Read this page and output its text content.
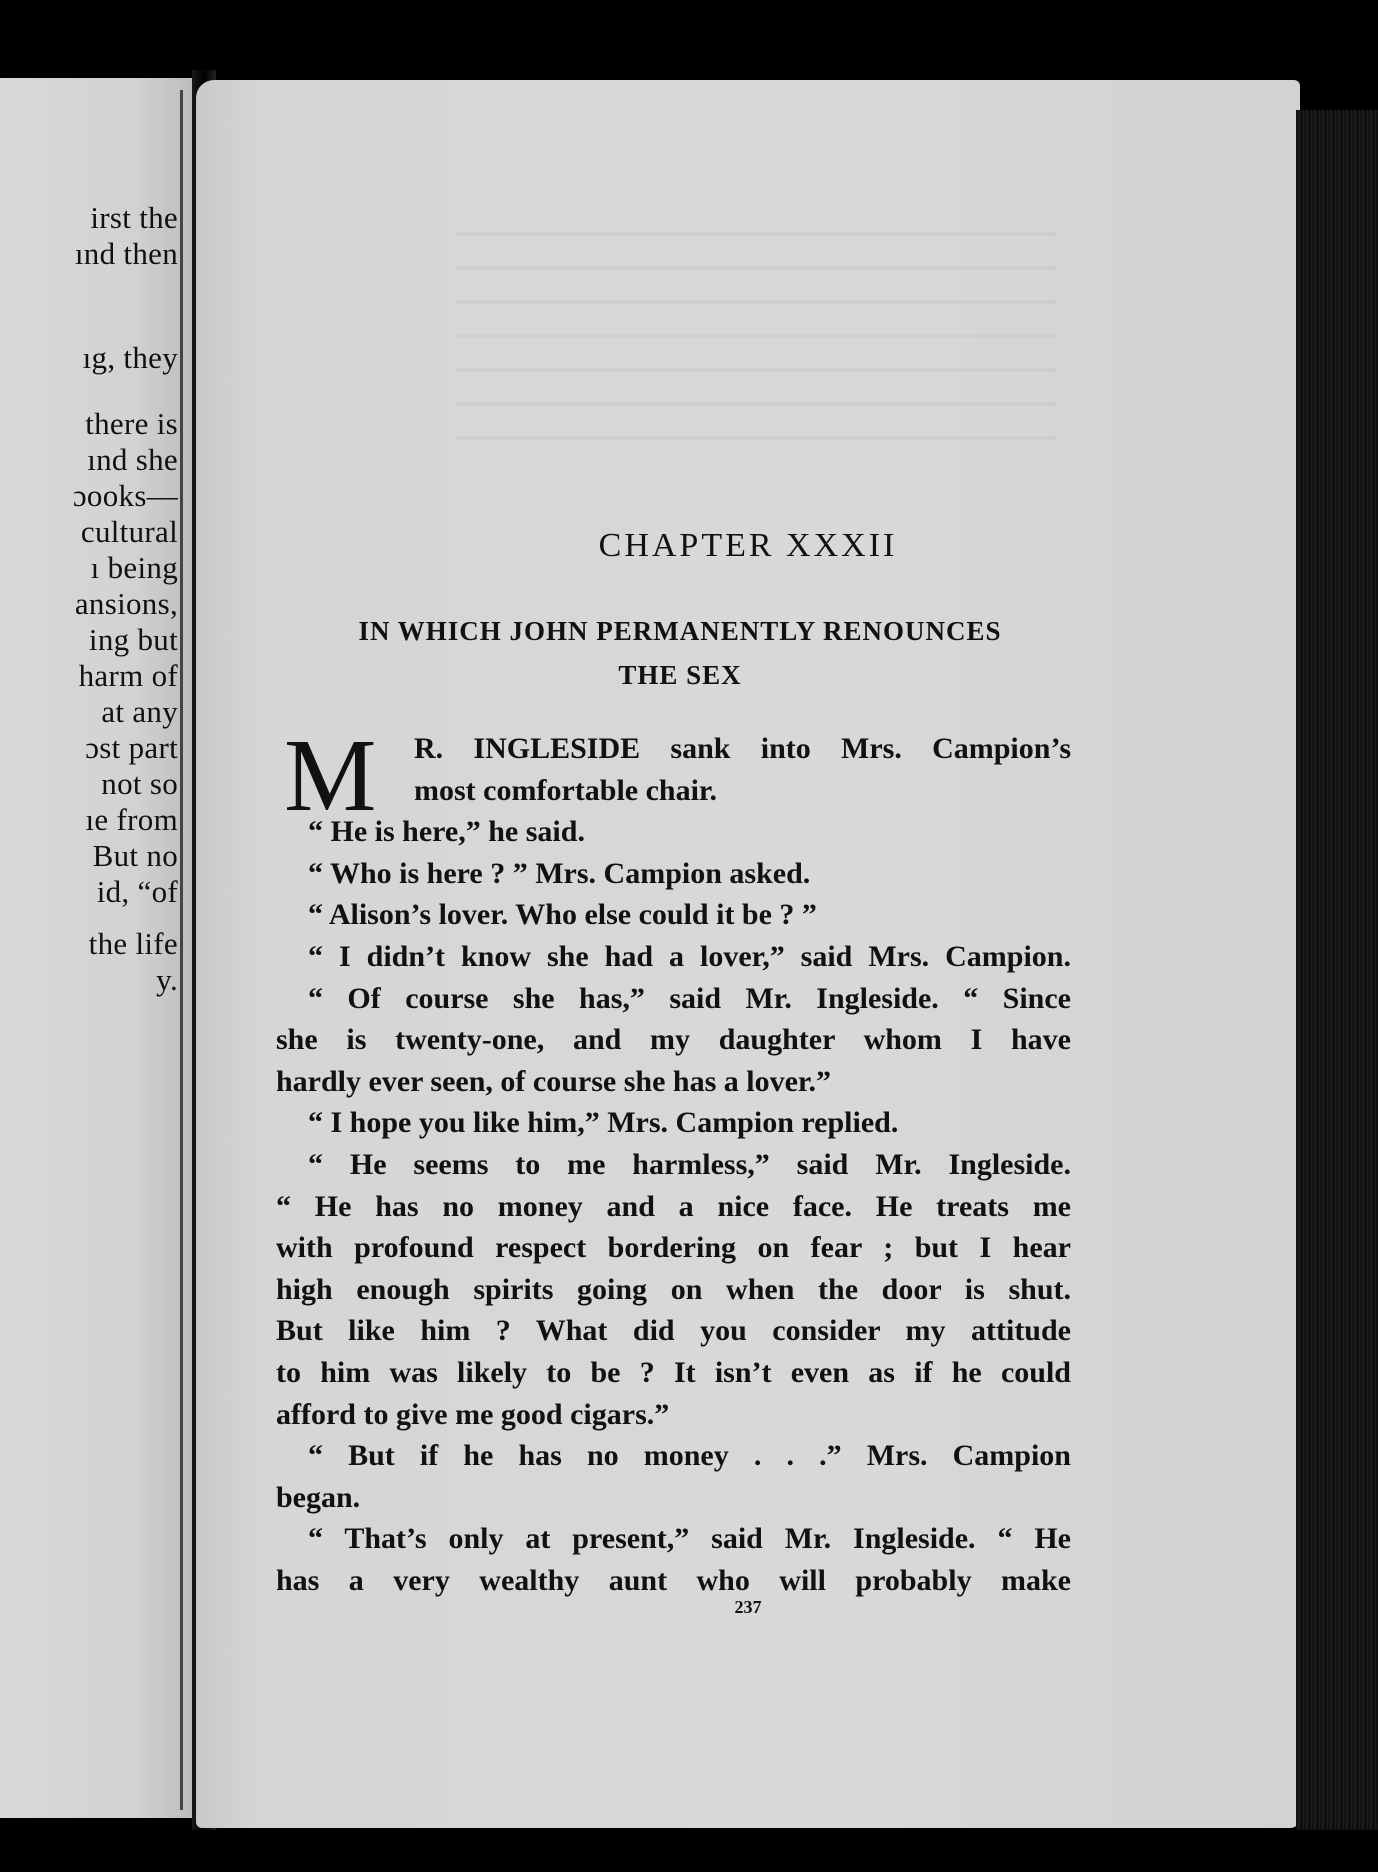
irst the
ınd then
ıg, they
there is
ınd she
ɔooks—
cultural
ı being
ansions,
ing but
harm of
at any
ɔst part
not so
ıe from
But no
id, “of
the life
y.
CHAPTER XXXII
IN WHICH JOHN PERMANENTLY RENOUNCES
THE SEX
M	R. INGLESIDE sank into Mrs. Campion’s
most comfortable chair.
“ He is here,” he said.
“ Who is here ? ” Mrs. Campion asked.
“ Alison’s lover. Who else could it be ? ”
“ I didn’t know she had a lover,” said Mrs. Campion.
“ Of course she has,” said Mr. Ingleside. “ Since
she is twenty-one, and my daughter whom I have
hardly ever seen, of course she has a lover.”
“ I hope you like him,” Mrs. Campion replied.
“ He seems to me harmless,” said Mr. Ingleside.
“ He has no money and a nice face. He treats me
with profound respect bordering on fear ; but I hear
high enough spirits going on when the door is shut.
But like him ? What did you consider my attitude
to him was likely to be ? It isn’t even as if he could
afford to give me good cigars.”
“ But if he has no money . . .” Mrs. Campion
began.
“ That’s only at present,” said Mr. Ingleside. “ He
has a very wealthy aunt who will probably make
237
